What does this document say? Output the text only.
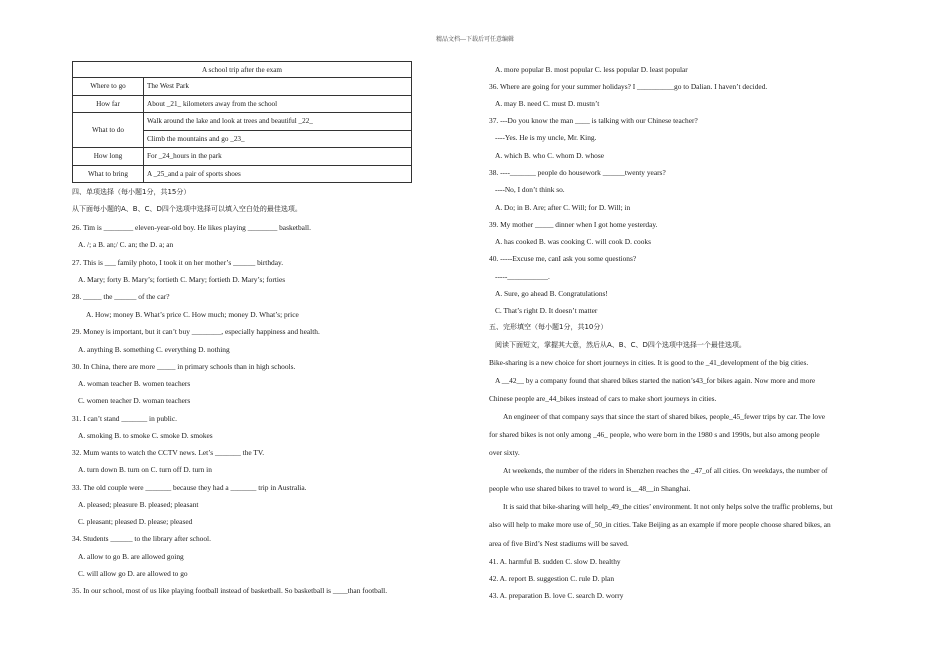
精品文档---下载后可任意编辑
A school trip after the exam	
Where to go	The West Park
How far	About _21_ kilometers away from the school
What to do	Walk around the lake and look at trees and beautiful _22_
	Climb the mountains and go _23_
How long	For _24_hours in the park
What to bring	A _25_and a pair of sports shoes
四、单项选择（每小题1分，共15分）
从下面每小题的A、B、C、D四个选项中选择可以填入空白处的最佳选项。
26. Tim is ________ eleven-year-old boy. He likes playing ________ basketball.
A. /; a B. an;/ C. an; the D. a; an
27. This is ___ family photo, I took it on her mother’s ______ birthday.
A. Mary; forty B. Mary’s; fortieth C. Mary; fortieth D. Mary’s; forties
28. _____ the ______ of the car?
A. How; money B. What’s price C. How much; money D. What’s; price
29. Money is important, but it can’t buy ________, especially happiness and health.
A. anything B. something C. everything D. nothing
30. In China, there are more _____ in primary schools than in high schools.
A. woman teacher B. women teachers
C. women teacher D. woman teachers
31. I can’t stand _______ in public.
A. smoking B. to smoke C. smoke D. smokes
32. Mum wants to watch the CCTV news. Let’s _______ the TV.
A. turn down B. turn on C. turn off D. turn in
33. The old couple were _______ because they had a _______ trip in Australia.
A. pleased; pleasure B. pleased; pleasant
C. pleasant; pleased D. please; pleased
34. Students ______ to the library after school.
A. allow to go B. are allowed going
C. will allow go D. are allowed to go
35. In our school, most of us like playing football instead of basketball. So basketball is ____than football.
A. more popular B. most popular C. less popular D. least popular
36. Where are going for your summer holidays? I __________go to Dalian. I haven’t decided.
A. may B. need C. must D. mustn’t
37. ---Do you know the man ____ is talking with our Chinese teacher?
----Yes. He is my uncle, Mr. King.
A. which B. who C. whom D. whose
38. ----_______ people do housework ______twenty years?
----No, I don’t think so.
A. Do; in B. Are; after C. Will; for D. Will; in
39. My mother _____ dinner when I got home yesterday.
A. has cooked B. was cooking C. will cook D. cooks
40. -----Excuse me, canI ask you some questions?
-----___________.
A. Sure, go ahead B. Congratulations!
C. That’s right D. It doesn’t matter
五、完形填空（每小题1分，共10分）
阅读下面短文，掌握其大意，然后从A、B、C、D四个选项中选择一个最佳选项。
Bike-sharing is a new choice for short journeys in cities. It is good to the _41_development of the big cities.
A __42__ by a company found that shared bikes started the nation’s43_for bikes again. Now more and more
Chinese people are_44_bikes instead of cars to make short journeys in cities.
An engineer of that company says that since the start of shared bikes, people_45_fewer trips by car. The love
for shared bikes is not only among _46_ people, who were born in the 1980 s and 1990s, but also among people
over sixty.
At weekends, the number of the riders in Shenzhen reaches the _47_of all cities. On weekdays, the number of
people who use shared bikes to travel to word is__48__in Shanghai.
It is said that bike-sharing will help_49_the cities’ environment. It not only helps solve the traffic problems, but
also will help to make more use of_50_in cities. Take Beijing as an example if more people choose shared bikes, an
area of five Bird’s Nest stadiums will be saved.
41. A. harmful B. sudden C. slow D. healthy
42. A. report B. suggestion C. rule D. plan
43. A. preparation B. love C. search D. worry
